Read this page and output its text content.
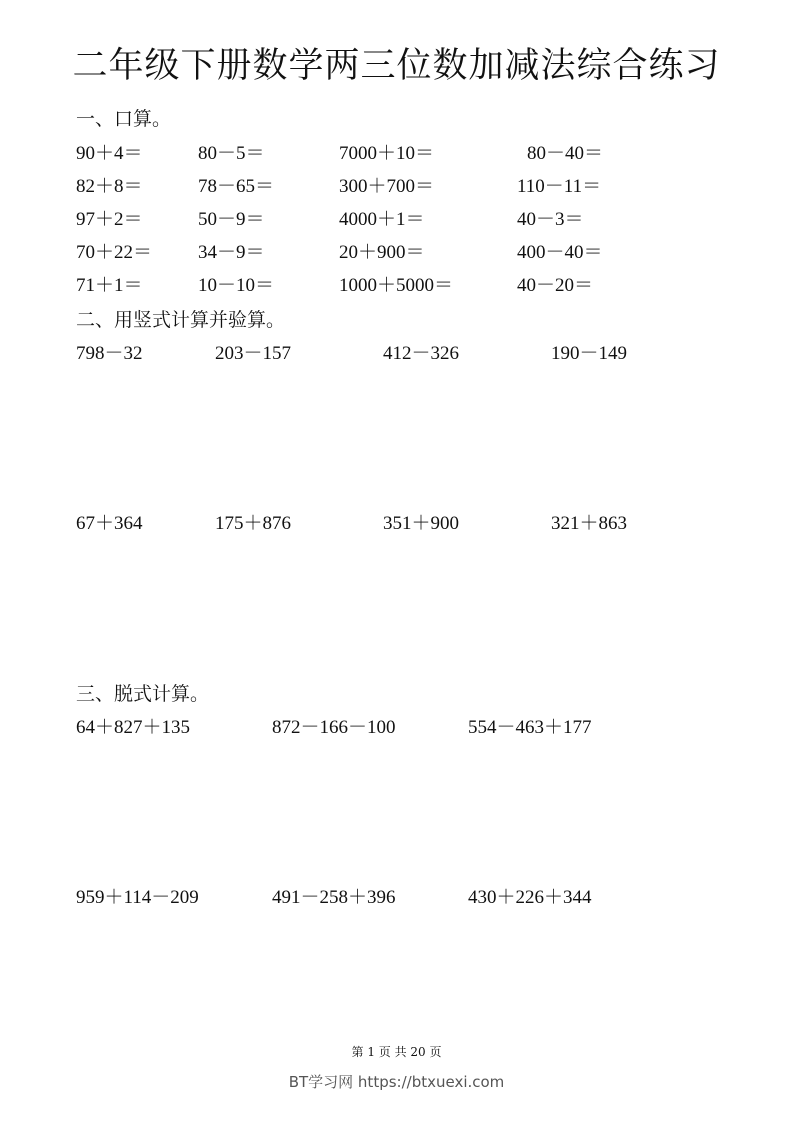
二年级下册数学两三位数加减法综合练习
一、口算。
90＋4＝	80－5＝	7000＋10＝	80－40＝
82＋8＝	78－65＝	300＋700＝	110－11＝
97＋2＝	50－9＝	4000＋1＝	40－3＝
70＋22＝ 34－9＝	20＋900＝	400－40＝
71＋1＝	10－10＝	1000＋5000＝	40－20＝
二、用竖式计算并验算。
798－32	203－157	412－326	190－149
67＋364	175＋876	351＋900	321＋863
三、脱式计算。
64＋827＋135	872－166－100	554－463＋177
959＋114－209	491－258＋396	430＋226＋344
第 1 页 共 20 页
BT学习网 https://btxuexi.com
